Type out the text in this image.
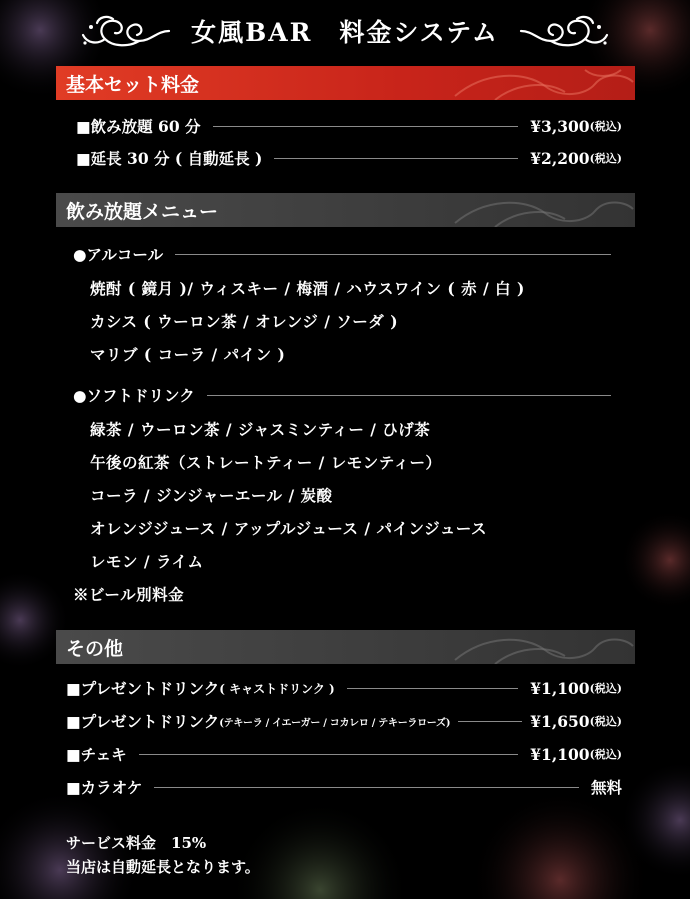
女風BAR　料金システム
基本セット料金
■飲み放題 60 分	¥3,300 (税込)
■延長 30 分 ( 自動延長 )	¥2,200 (税込)
飲み放題メニュー
●アルコール
焼酎 ( 鏡月 )/ ウィスキー / 梅酒 / ハウスワイン ( 赤 / 白 )
カシス ( ウーロン茶 / オレンジ / ソーダ )
マリブ ( コーラ / パイン )
●ソフトドリンク
緑茶 / ウーロン茶 / ジャスミンティー / ひげ茶
午後の紅茶（ストレートティー / レモンティー）
コーラ / ジンジャーエール / 炭酸
オレンジジュース / アップルジュース / パインジュース
レモン / ライム
※ビール別料金
その他
■プレゼントドリンク ( キャストドリンク )	¥1,100 (税込)
■プレゼントドリンク (テキーラ / イエーガー / コカレロ / テキーラローズ)	¥1,650 (税込)
■チェキ	¥1,100 (税込)
■カラオケ	無料
サービス料金　15%
当店は自動延長となります。
